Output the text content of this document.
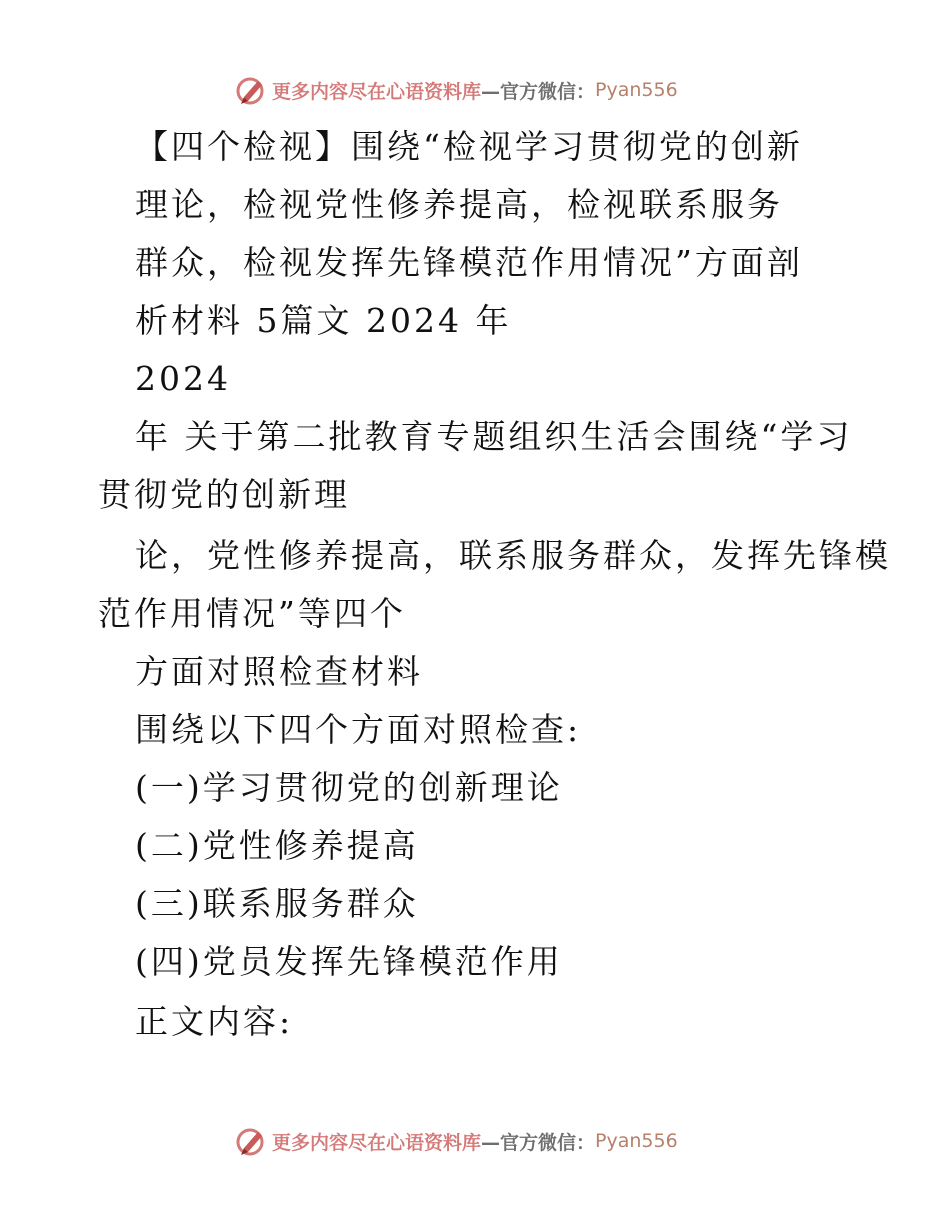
更多内容尽在心语资料库 —官方微信： Pyan556
【四个检视】围绕“检视学习贯彻党的创新
理论，检视党性修养提高，检视联系服务
群众，检视发挥先锋模范作用情况”方面剖
析材料 5篇文 2024 年
2024
年 关于第二批教育专题组织生活会围绕“学习
贯彻党的创新理
论，党性修养提高，联系服务群众，发挥先锋模
范作用情况”等四个
方面对照检查材料
围绕以下四个方面对照检查:
(一)学习贯彻党的创新理论
(二)党性修养提高
(三)联系服务群众
(四)党员发挥先锋模范作用
正文内容:
更多内容尽在心语资料库 —官方微信： Pyan556
